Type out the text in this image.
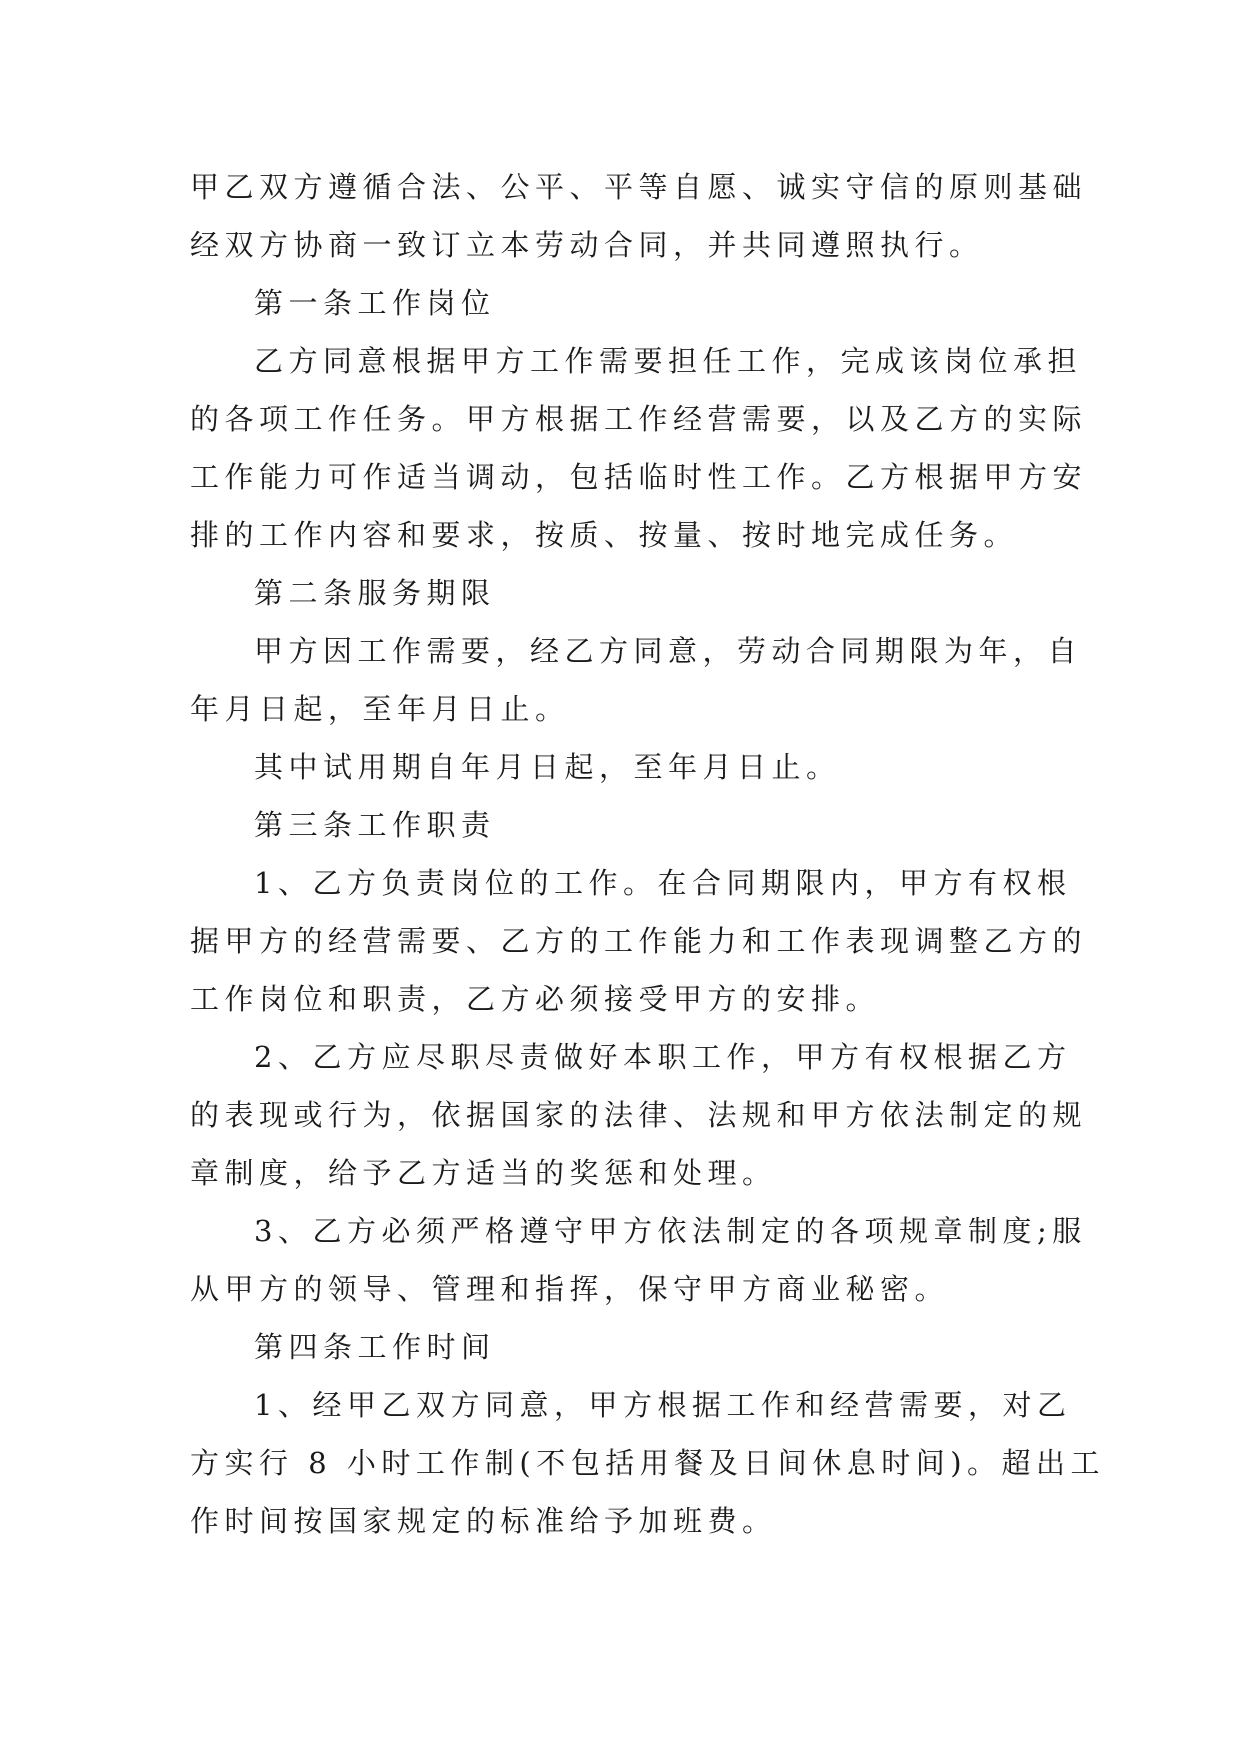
甲乙双方遵循合法、公平、平等自愿、诚实守信的原则基础
经双方协商一致订立本劳动合同，并共同遵照执行。

第一条工作岗位

乙方同意根据甲方工作需要担任工作，完成该岗位承担
的各项工作任务。甲方根据工作经营需要，以及乙方的实际
工作能力可作适当调动，包括临时性工作。乙方根据甲方安
排的工作内容和要求，按质、按量、按时地完成任务。

第二条服务期限

甲方因工作需要，经乙方同意，劳动合同期限为年，自
年月日起，至年月日止。

其中试用期自年月日起，至年月日止。

第三条工作职责

1、乙方负责岗位的工作。在合同期限内，甲方有权根
据甲方的经营需要、乙方的工作能力和工作表现调整乙方的
工作岗位和职责，乙方必须接受甲方的安排。

2、乙方应尽职尽责做好本职工作，甲方有权根据乙方
的表现或行为，依据国家的法律、法规和甲方依法制定的规
章制度，给予乙方适当的奖惩和处理。

3、乙方必须严格遵守甲方依法制定的各项规章制度;服
从甲方的领导、管理和指挥，保守甲方商业秘密。

第四条工作时间

1、经甲乙双方同意，甲方根据工作和经营需要，对乙
方实行 8 小时工作制(不包括用餐及日间休息时间)。超出工
作时间按国家规定的标准给予加班费。
